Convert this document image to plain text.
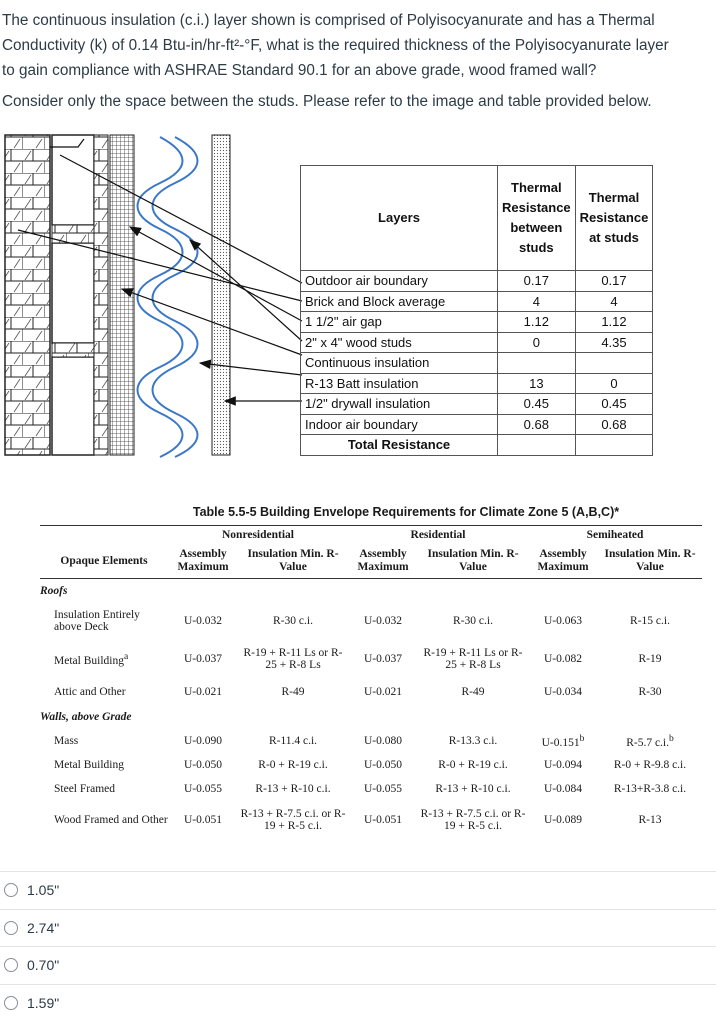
The continuous insulation (c.i.) layer shown is comprised of Polyisocyanurate and has a Thermal

Conductivity (k) of 0.14 Btu-in/hr-ft²-°F, what is the required thickness of the Polyisocyanurate layer

to gain compliance with ASHRAE Standard 90.1 for an above grade, wood framed wall?

Consider only the space between the studs. Please refer to the image and table provided below.

Layers	Thermal Resistance between studs	Thermal Resistance at studs
Outdoor air boundary	0.17	0.17
Brick and Block average	4	4
1 1/2" air gap	1.12	1.12
2" x 4" wood studs	0	4.35
Continuous insulation		
R-13 Batt insulation	13	0
1/2" drywall insulation	0.45	0.45
Indoor air boundary	0.68	0.68
Total Resistance		
Table 5.5-5 Building Envelope Requirements for Climate Zone 5 (A,B,C)*
	Nonresidential		Residential		Semiheated	
Opaque Elements	Assembly Maximum	Insulation Min. R-Value	Assembly Maximum	Insulation Min. R-Value	Assembly Maximum	Insulation Min. R-Value
Roofs						
Insulation Entirely above Deck	U-0.032	R-30 c.i.	U-0.032	R-30 c.i.	U-0.063	R-15 c.i.
Metal Building$^a$	U-0.037	R-19 + R-11 Ls or R-25 + R-8 Ls	U-0.037	R-19 + R-11 Ls or R-25 + R-8 Ls	U-0.082	R-19
Attic and Other	U-0.021	R-49	U-0.021	R-49	U-0.034	R-30
Walls, above Grade						
Mass	U-0.090	R-11.4 c.i.	U-0.080	R-13.3 c.i.	U-0.151$^b$	R-5.7 c.i.$^b$
Metal Building	U-0.050	R-0 + R-19 c.i.	U-0.050	R-0 + R-19 c.i.	U-0.094	R-0 + R-9.8 c.i.
Steel Framed	U-0.055	R-13 + R-10 c.i.	U-0.055	R-13 + R-10 c.i.	U-0.084	R-13+R-3.8 c.i.
Wood Framed and Other	U-0.051	R-13 + R-7.5 c.i. or R-19 + R-5 c.i.	U-0.051	R-13 + R-7.5 c.i. or R-19 + R-5 c.i.	U-0.089	R-13
1.05"
2.74"
0.70"
1.59"
